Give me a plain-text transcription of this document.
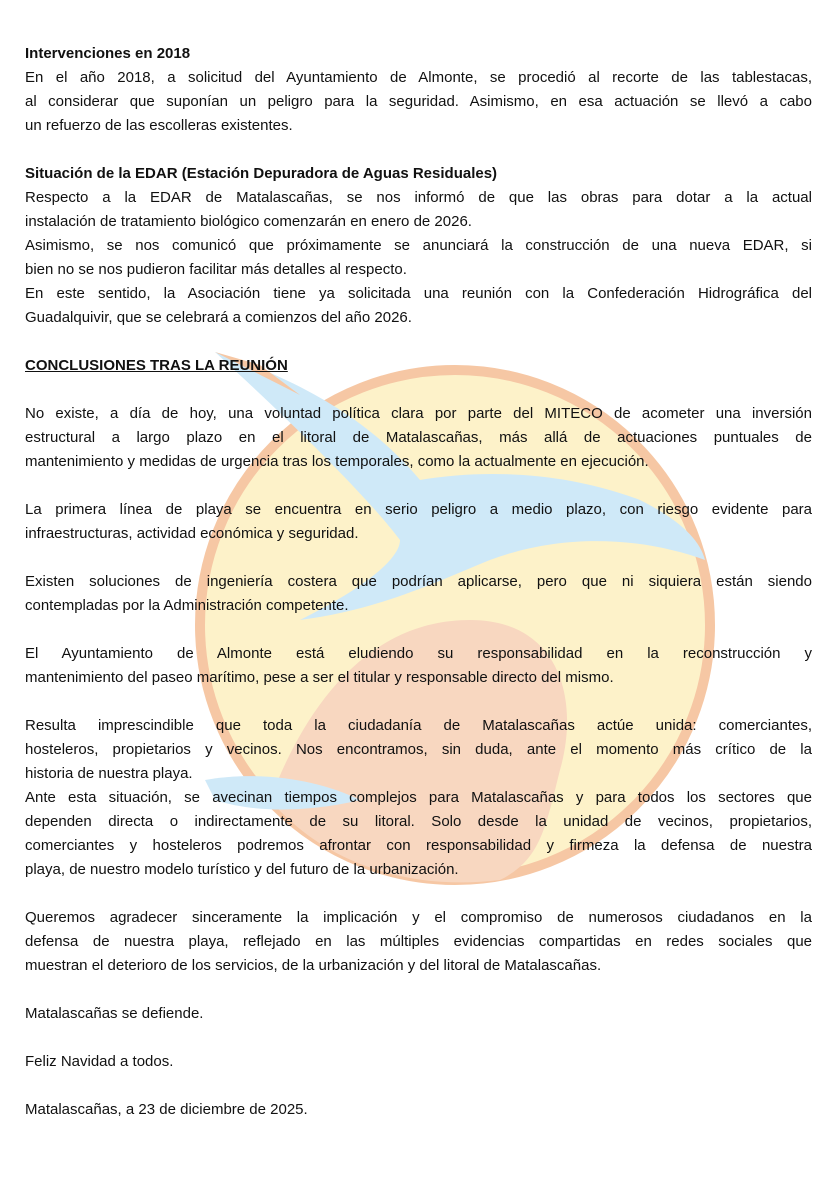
Intervenciones en 2018
En el año 2018, a solicitud del Ayuntamiento de Almonte, se procedió al recorte de las tablestacas,
al considerar que suponían un peligro para la seguridad. Asimismo, en esa actuación se llevó a cabo
un refuerzo de las escolleras existentes.
Situación de la EDAR (Estación Depuradora de Aguas Residuales)
Respecto a la EDAR de Matalascañas, se nos informó de que las obras para dotar a la actual
instalación de tratamiento biológico comenzarán en enero de 2026.
Asimismo, se nos comunicó que próximamente se anunciará la construcción de una nueva EDAR, si
bien no se nos pudieron facilitar más detalles al respecto.
En este sentido, la Asociación tiene ya solicitada una reunión con la Confederación Hidrográfica del
Guadalquivir, que se celebrará a comienzos del año 2026.
CONCLUSIONES TRAS LA REUNIÓN
No existe, a día de hoy, una voluntad política clara por parte del MITECO de acometer una inversión
estructural a largo plazo en el litoral de Matalascañas, más allá de actuaciones puntuales de
mantenimiento y medidas de urgencia tras los temporales, como la actualmente en ejecución.
La primera línea de playa se encuentra en serio peligro a medio plazo, con riesgo evidente para
infraestructuras, actividad económica y seguridad.
Existen soluciones de ingeniería costera que podrían aplicarse, pero que ni siquiera están siendo
contempladas por la Administración competente.
El Ayuntamiento de Almonte está eludiendo su responsabilidad en la reconstrucción y
mantenimiento del paseo marítimo, pese a ser el titular y responsable directo del mismo.
Resulta imprescindible que toda la ciudadanía de Matalascañas actúe unida: comerciantes,
hosteleros, propietarios y vecinos. Nos encontramos, sin duda, ante el momento más crítico de la
historia de nuestra playa.
Ante esta situación, se avecinan tiempos complejos para Matalascañas y para todos los sectores que
dependen directa o indirectamente de su litoral. Solo desde la unidad de vecinos, propietarios,
comerciantes y hosteleros podremos afrontar con responsabilidad y firmeza la defensa de nuestra
playa, de nuestro modelo turístico y del futuro de la urbanización.
Queremos agradecer sinceramente la implicación y el compromiso de numerosos ciudadanos en la
defensa de nuestra playa, reflejado en las múltiples evidencias compartidas en redes sociales que
muestran el deterioro de los servicios, de la urbanización y del litoral de Matalascañas.
Matalascañas se defiende.
Feliz Navidad a todos.
Matalascañas, a 23 de diciembre de 2025.
